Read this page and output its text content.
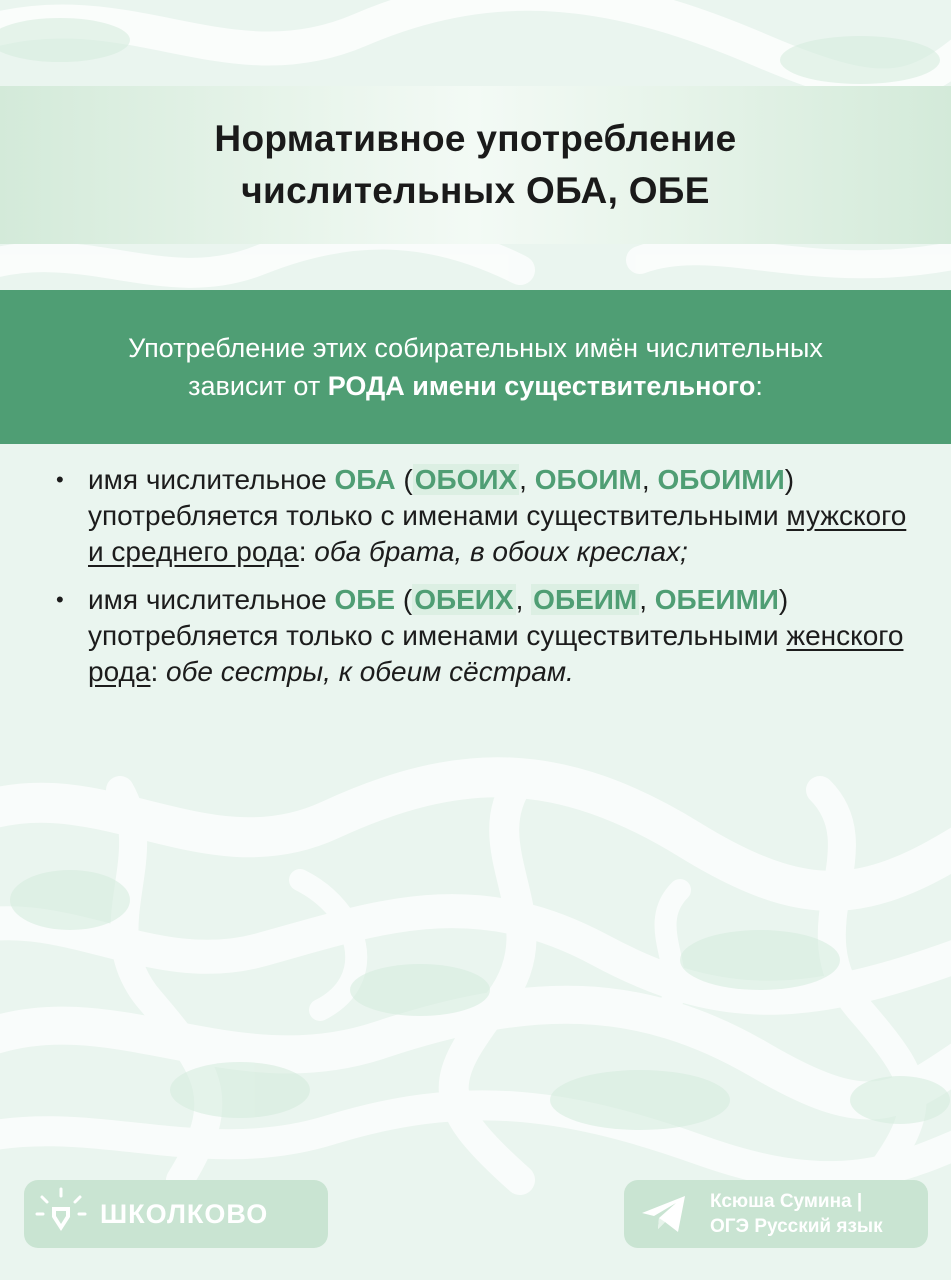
Нормативное употребление
числительных ОБА, ОБЕ

Употребление этих собирательных имён числительных зависит от РОДА имени существительного:

• имя числительное ОБА (ОБОИХ, ОБОИМ, ОБОИМИ) употребляется только с именами существительными мужского и среднего рода: оба брата, в обоих креслах;
• имя числительное ОБЕ (ОБЕИХ, ОБЕИМ, ОБЕИМИ) употребляется только с именами существительными женского рода: обе сестры, к обеим сёстрам.
ШКОЛКОВО	Ксюша Сумина |
ОГЭ Русский язык
